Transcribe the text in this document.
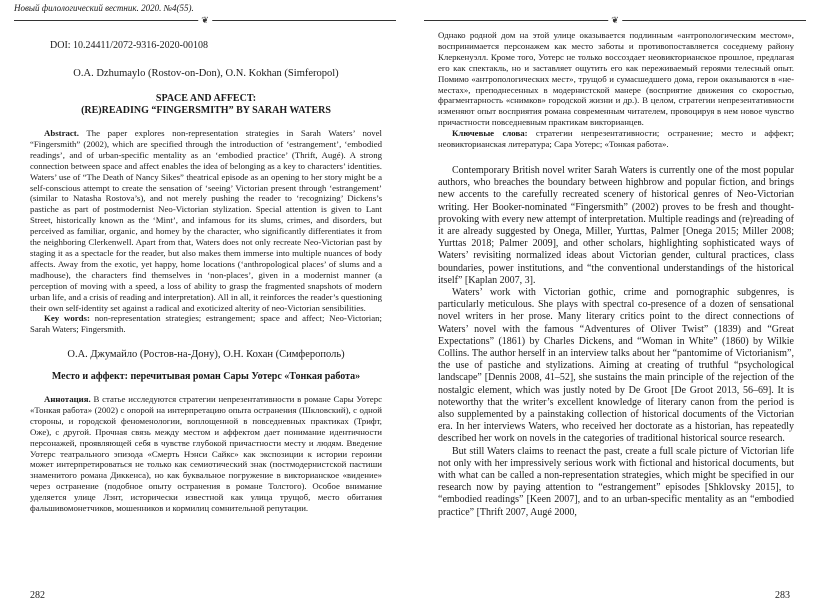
Новый филологический вестник. 2020. №4(55).
❦

DOI: 10.24411/2072-9316-2020-00108

O.A. Dzhumaylo (Rostov-on-Don), O.N. Kokhan (Simferopol)

SPACE AND AFFECT:
(RE)READING “FINGERSMITH” BY SARAH WATERS

Abstract. The paper explores non-representation strategies in Sarah Waters’ novel “Fingersmith” (2002), which are specified through the introduction of ‘estrangement’, ‘embodied readings’, and of urban-specific mentality as an ‘embodied practice’ (Thrift, Augé). A strong connection between space and affect enables the idea of belonging as a key to characters’ identities. Waters’ use of “The Death of Nancy Sikes” theatrical episode as an opening to her story might be a self-conscious attempt to create the sensation of ‘seeing’ Victorian present through ‘estrangement’ (similar to Natasha Rostova’s), and not merely pushing the reader to ‘recognizing’ Dickens’s pastiche as part of postmodernist Neo-Victorian stylization. Special attention is given to Lant Street, historically known as the ‘Mint’, and infamous for its slums, crimes, and disorders, but perceived as familiar, organic, and homey by the character, who significantly differentiates it from the neighboring Clerkenwell. Apart from that, Waters does not only recreate Neo-Victorian past by staging it as a spectacle for the reader, but also makes them immerse into multiple nuances of body affects. Away from the exotic, yet happy, home locations (‘anthropological places’ of slums and a madhouse), the characters find themselves in ‘non-places’, given in a modernist manner (a perception of moving with a speed, a loss of ability to grasp the fragmented snapshots of modern urban life, and a crisis of reading and interpretation). All in all, it reinforces the reader’s questioning their own self-identity set against a radical and exoticized alterity of neo-Victorian sensibilities.

Key words: non-representation strategies; estrangement; space and affect; Neo-Victorian; Sarah Waters; Fingersmith.

О.А. Джумайло (Ростов-на-Дону), О.Н. Кохан (Симферополь)

Место и аффект: перечитывая роман Сары Уотерс «Тонкая работа»

Аннотация. В статье исследуются стратегии непрезентативности в романе Сары Уотерс «Тонкая работа» (2002) с опорой на интерпретацию опыта остранения (Шкловский), с одной стороны, и городской феноменологии, воплощенной в повседневных практиках (Трифт, Оже), с другой. Прочная связь между местом и аффектом дает понимание идентичности персонажей, проявляющей себя в чувстве глубокой причастности месту и людям. Введение Уотерс театрального эпизода «Смерть Нэнси Сайкс» как экспозиции к истории героини может интерпретироваться не только как семиотический знак (постмодернистской пастиши знаменитого романа Диккенса), но как буквальное погружение в викторианское «видение» через остранение (подобное опыту остранения в романе Толстого). Особое внимание уделяется улице Лэнт, исторически известной как улица трущоб, место обитания фальшивомонетчиков, мошенников и кормилиц сомнительной репутации.

282
❦

Однако родной дом на этой улице оказывается подлинным «антропологическим местом», воспринимается персонажем как место заботы и противопоставляется соседнему району Клеркенуэлл. Кроме того, Уотерс не только воссоздает неовикторианское прошлое, предлагая его как спектакль, но и заставляет ощутить его как переживаемый героями телесный опыт. Помимо «антропологических мест», трущоб и сумасшедшего дома, герои оказываются в «не-местах», преподнесенных в модернистской манере (восприятие движения со скоростью, фрагментарность «снимков» городской жизни и др.). В целом, стратегии непрезентативности изменяют опыт восприятия романа современным читателем, провоцируя в нем новое чувство причастности повседневным практикам викторианцев.

Ключевые слова: стратегии непрезентативности; остранение; место и аффект; неовикторианская литература; Сара Уотерс; «Тонкая работа».

Contemporary British novel writer Sarah Waters is currently one of the most popular authors, who breaches the boundary between highbrow and popular fiction, and brings new accents to the carefully recreated scenery of historical genres of Neo-Victorian writing. Her Booker-nominated “Fingersmith” (2002) proves to be fresh and thought-provoking with every new attempt of interpretation. Multiple readings and (re)reading of it are already suggested by Onega, Miller, Yurttas, Palmer [Onega 2015; Miller 2008; Yurttas 2018; Palmer 2009], and other scholars, highlighting sophisticated ways of Waters’ revisiting normalized ideas about Victorian gender, cultural practices, class boundaries, power institutions, and “the conventional understandings of the historical itself” [Kaplan 2007, 3].

Waters’ work with Victorian gothic, crime and pornographic subgenres, is particularly meticulous. She plays with spectral co-presence of a dozen of sensational novel writers in her prose. Many literary critics point to the direct connections of Waters’ novel with the famous “Adventures of Oliver Twist” (1839) and “Great Expectations” (1861) by Charles Dickens, and “Woman in White” (1860) by Wilkie Collins. The author herself in an interview talks about her “pantomime of Victorianism”, the use of pastiche and stylizations. Aiming at creating of truthful “psychological landscape” [Dennis 2008, 41–52], she sustains the main principle of the rejection of the nostalgic element, which was justly noted by De Groot [De Groot 2013, 56–69]. It is noteworthy that the writer’s excellent knowledge of literary canon from the period is also supplemented by a painstaking collection of historical documents of the Victorian era. In her interviews Waters, who received her doctorate as a historian, has repeatedly described her work on novels in the categories of traditional historical source research.

But still Waters claims to reenact the past, create a full scale picture of Victorian life not only with her impressively serious work with fictional and historical documents, but with what can be called a non-representation strategies, which might be specified in our research now by paying attention to “estrangement” episodes [Shklovsky 2015], to “embodied readings” [Keen 2007], and to an urban-specific mentality as an “embodied practice” [Thrift 2007, Augé 2000,

283
